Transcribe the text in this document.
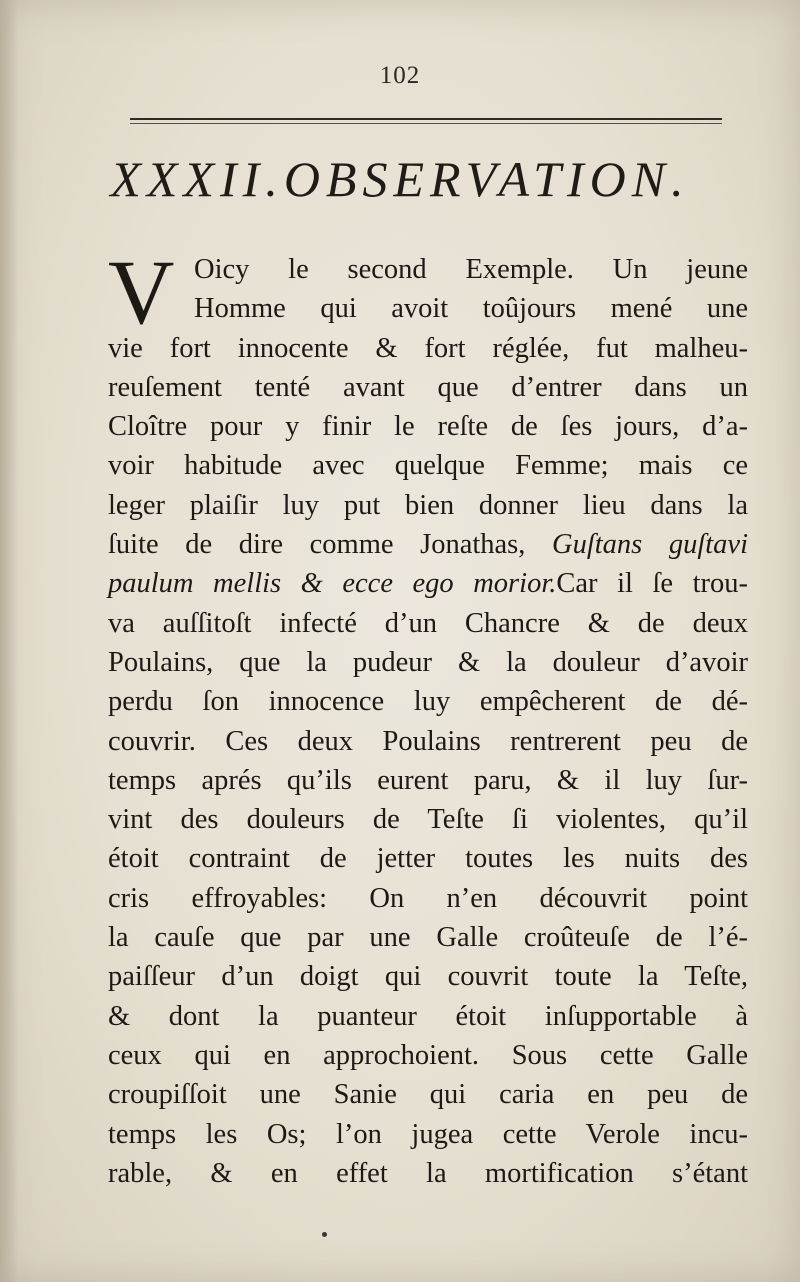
102
XXXII.OBSERVATION.
V Oicy le second Exemple. Un jeune
Homme qui avoit toûjours mené une
vie fort innocente & fort réglée, fut malheu-
reuſement tenté avant que d’entrer dans un
Cloître pour y finir le reſte de ſes jours, d’a-
voir habitude avec quelque Femme; mais ce
leger plaiſir luy put bien donner lieu dans la
ſuite de dire comme Jonathas, Guſtans guſtavi
paulum mellis & ecce ego morior.Car il ſe trou-
va auſſitoſt infecté d’un Chancre & de deux
Poulains, que la pudeur & la douleur d’avoir
perdu ſon innocence luy empêcherent de dé-
couvrir. Ces deux Poulains rentrerent peu de
temps aprés qu’ils eurent paru, & il luy ſur-
vint des douleurs de Teſte ſi violentes, qu’il
étoit contraint de jetter toutes les nuits des
cris effroyables: On n’en découvrit point
la cauſe que par une Galle croûteuſe de l’é-
paiſſeur d’un doigt qui couvrit toute la Teſte,
& dont la puanteur étoit inſupportable à
ceux qui en approchoient. Sous cette Galle
croupiſſoit une Sanie qui caria en peu de
temps les Os; l’on jugea cette Verole incu-
rable, & en effet la mortification s’étant
